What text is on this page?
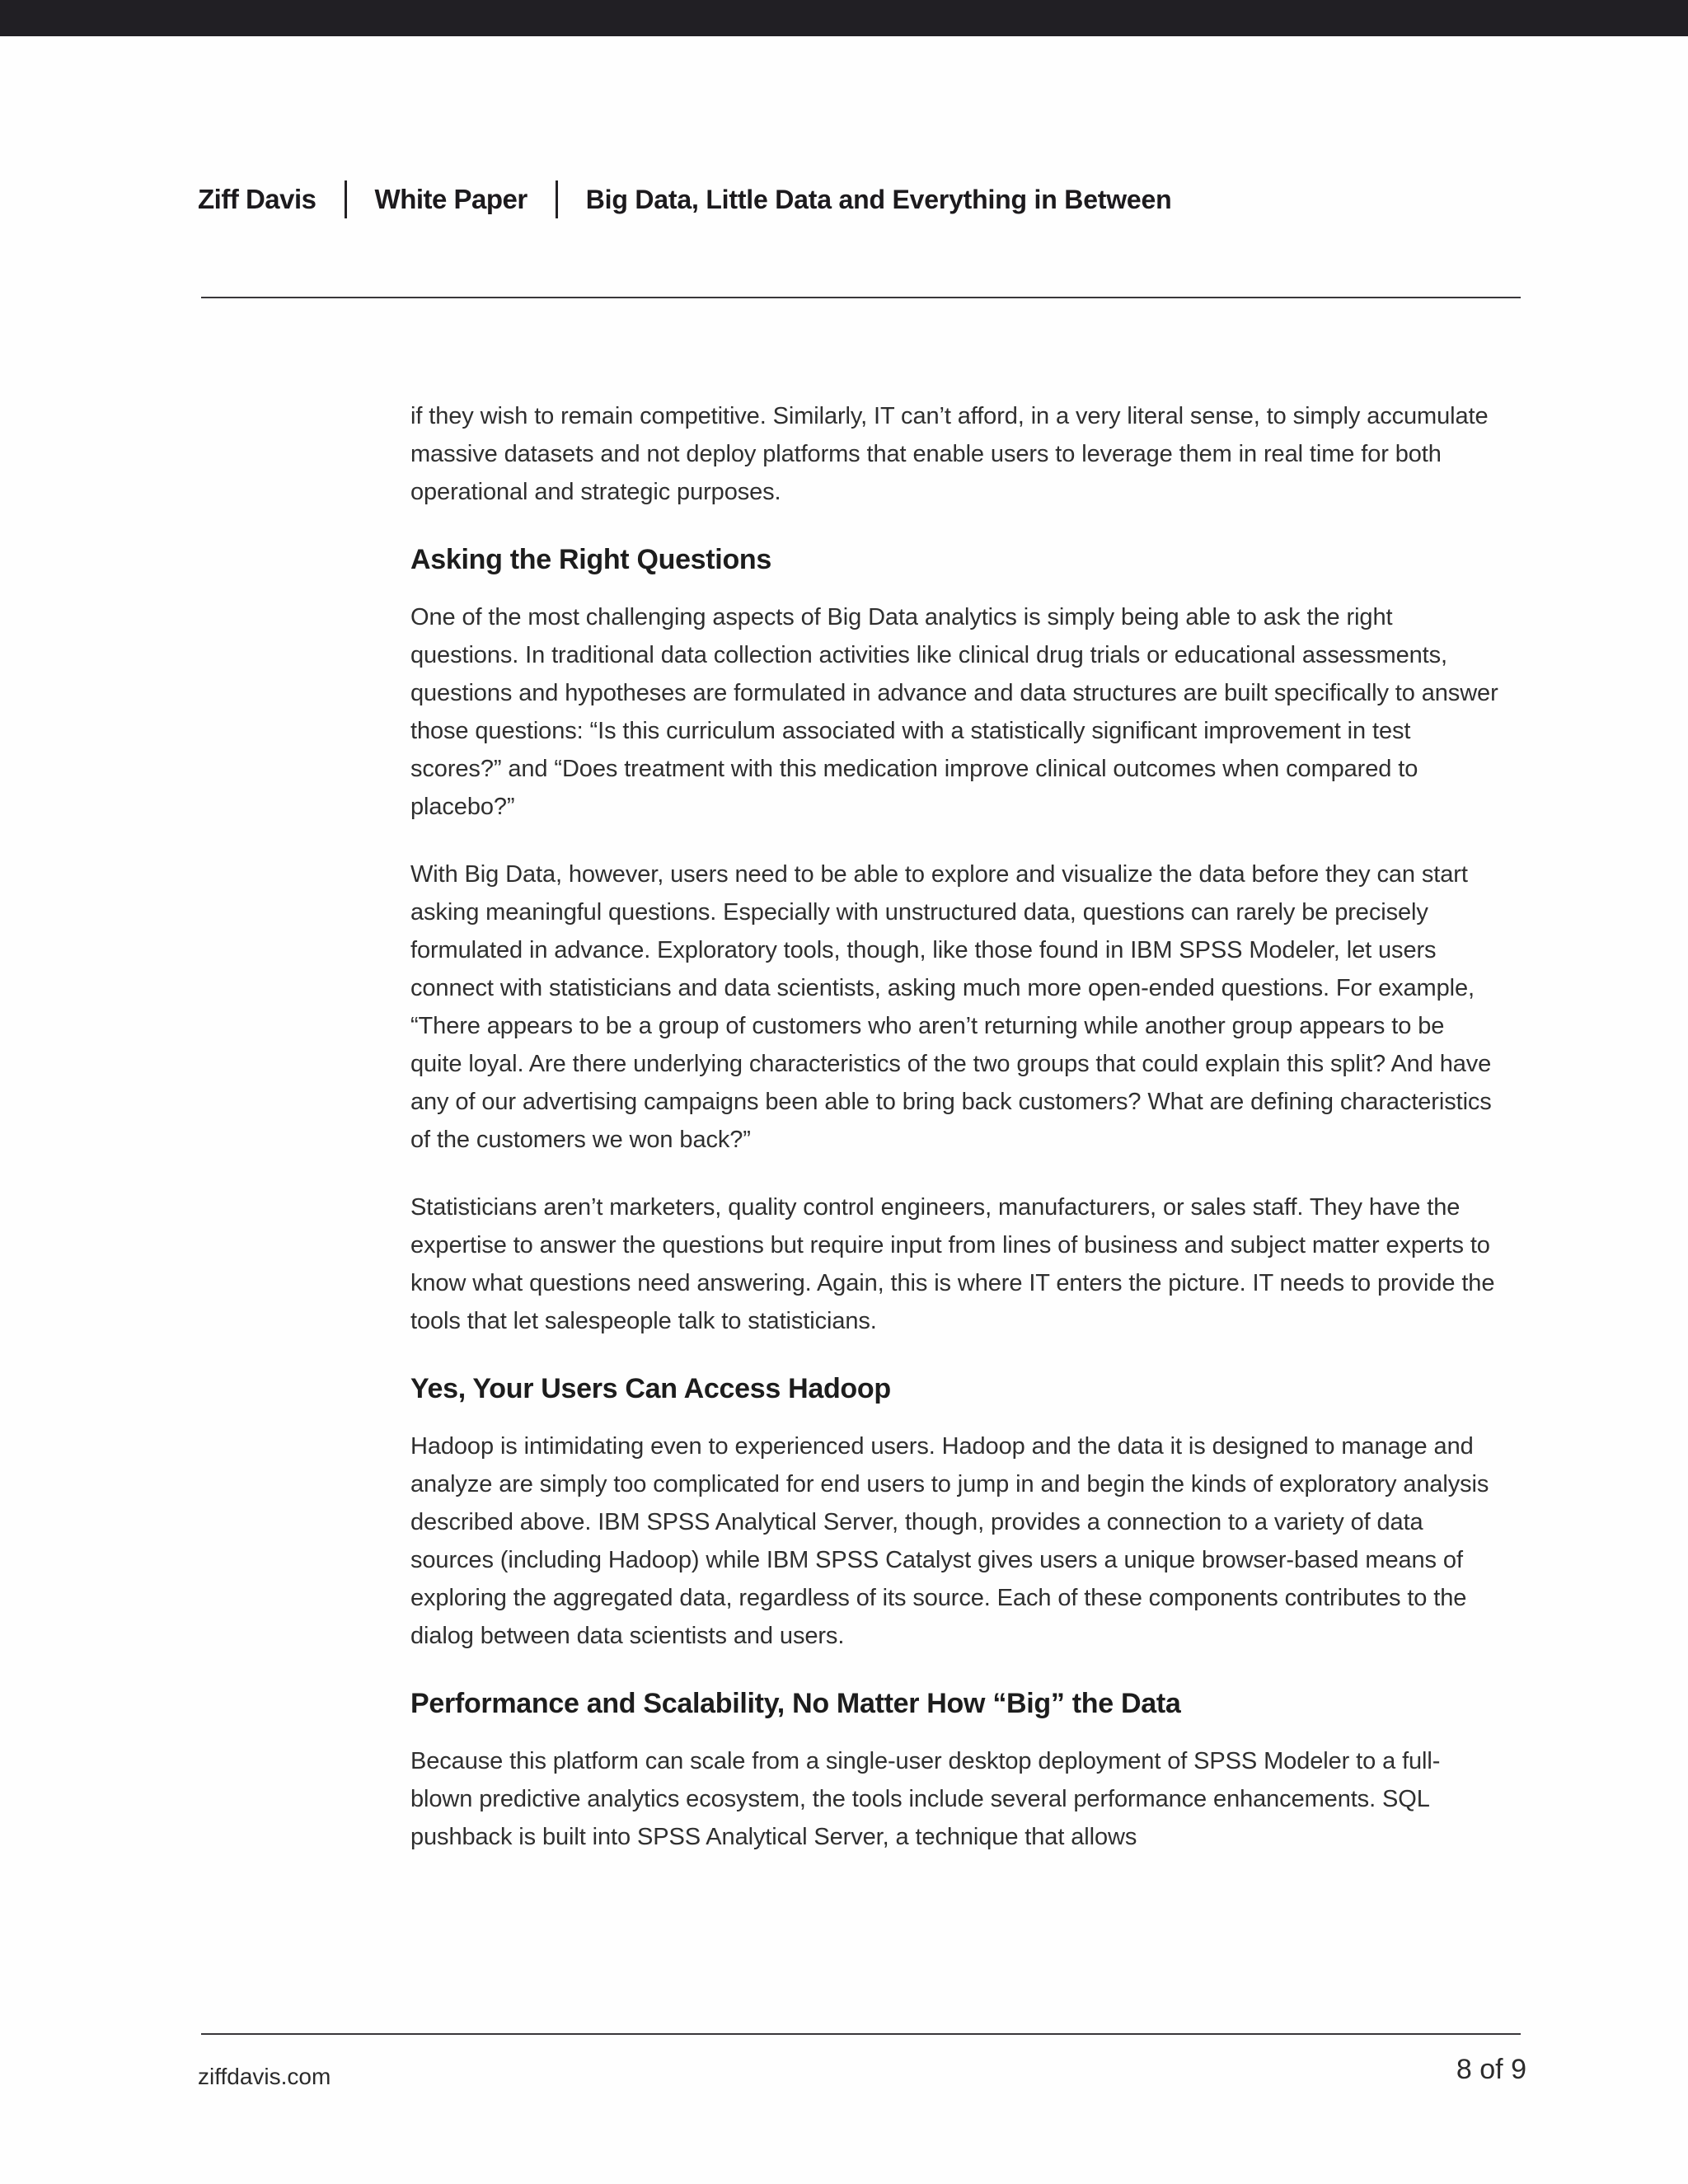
Ziff Davis White Paper Big Data, Little Data and Everything in Between

if they wish to remain competitive. Similarly, IT can’t afford, in a very literal sense, to simply accumulate massive datasets and not deploy platforms that enable users to leverage them in real time for both operational and strategic purposes.

Asking the Right Questions

One of the most challenging aspects of Big Data analytics is simply being able to ask the right questions. In traditional data collection activities like clinical drug trials or educational assessments, questions and hypotheses are formulated in advance and data structures are built specifically to answer those questions: “Is this curriculum associated with a statistically significant improvement in test scores?” and “Does treatment with this medication improve clinical outcomes when compared to placebo?”

With Big Data, however, users need to be able to explore and visualize the data before they can start asking meaningful questions. Especially with unstructured data, questions can rarely be precisely formulated in advance. Exploratory tools, though, like those found in IBM SPSS Modeler, let users connect with statisticians and data scientists, asking much more open-ended questions. For example, “There appears to be a group of customers who aren’t returning while another group appears to be quite loyal. Are there underlying characteristics of the two groups that could explain this split? And have any of our advertising campaigns been able to bring back customers? What are defining characteristics of the customers we won back?”

Statisticians aren’t marketers, quality control engineers, manufacturers, or sales staff. They have the expertise to answer the questions but require input from lines of business and subject matter experts to know what questions need answering. Again, this is where IT enters the picture. IT needs to provide the tools that let salespeople talk to statisticians.

Yes, Your Users Can Access Hadoop

Hadoop is intimidating even to experienced users. Hadoop and the data it is designed to manage and analyze are simply too complicated for end users to jump in and begin the kinds of exploratory analysis described above. IBM SPSS Analytical Server, though, provides a connection to a variety of data sources (including Hadoop) while IBM SPSS Catalyst gives users a unique browser-based means of exploring the aggregated data, regardless of its source. Each of these components contributes to the dialog between data scientists and users.

Performance and Scalability, No Matter How “Big” the Data

Because this platform can scale from a single-user desktop deployment of SPSS Modeler to a full-blown predictive analytics ecosystem, the tools include several performance enhancements. SQL pushback is built into SPSS Analytical Server, a technique that allows

ziffdavis.com	8 of 9
